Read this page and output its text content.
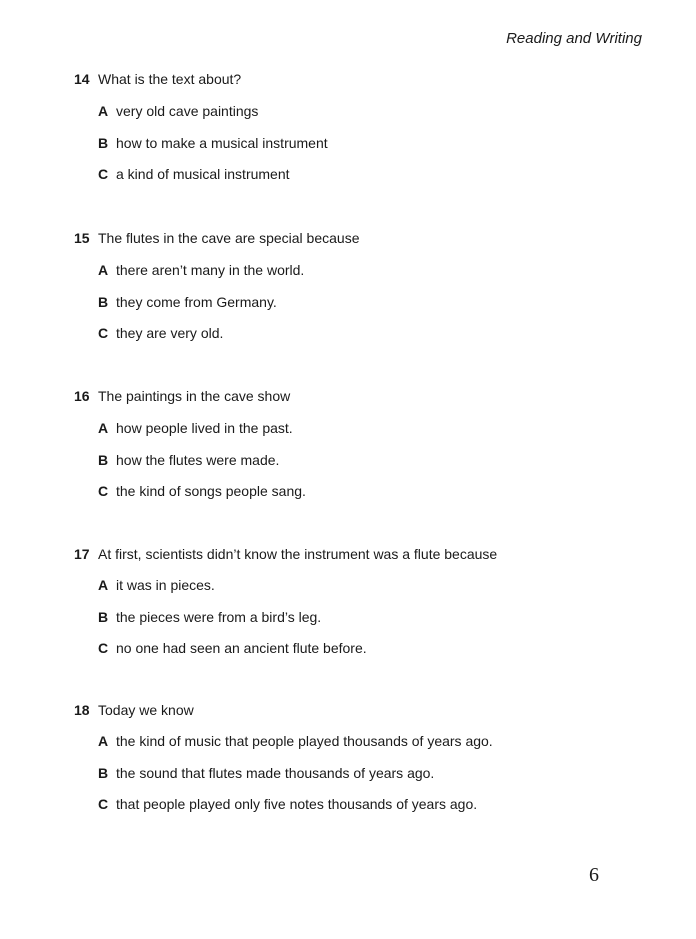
Reading and Writing
14 What is the text about?
A very old cave paintings
B how to make a musical instrument
C a kind of musical instrument
15 The flutes in the cave are special because
A there aren’t many in the world.
B they come from Germany.
C they are very old.
16 The paintings in the cave show
A how people lived in the past.
B how the flutes were made.
C the kind of songs people sang.
17 At first, scientists didn’t know the instrument was a flute because
A it was in pieces.
B the pieces were from a bird’s leg.
C no one had seen an ancient flute before.
18 Today we know
A the kind of music that people played thousands of years ago.
B the sound that flutes made thousands of years ago.
C that people played only five notes thousands of years ago.
6
